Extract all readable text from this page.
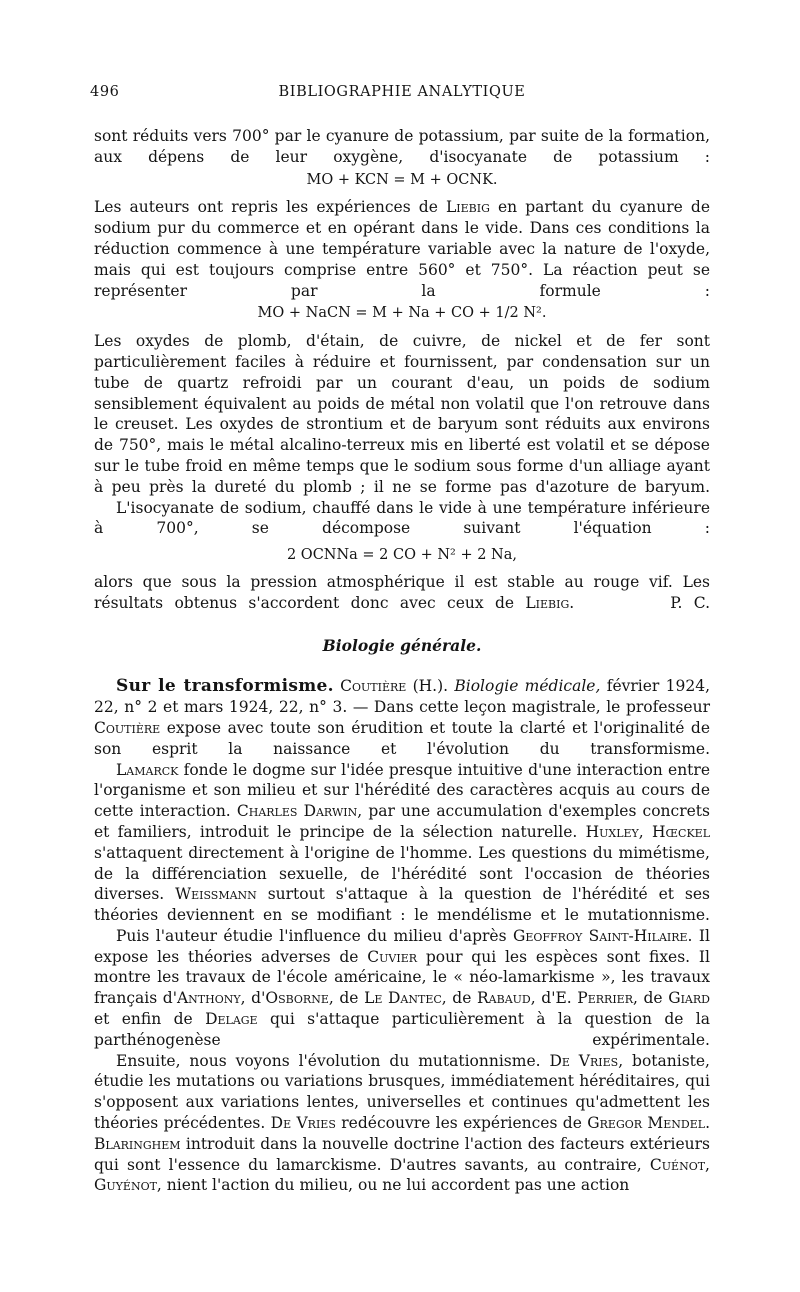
496	BIBLIOGRAPHIE ANALYTIQUE

sont réduits vers 700° par le cyanure de potassium, par suite de la formation, aux dépens de leur oxygène, d'isocyanate de potassium :

MO + KCN = M + OCNK.

Les auteurs ont repris les expériences de Liebig en partant du cyanure de sodium pur du commerce et en opérant dans le vide. Dans ces conditions la réduction commence à une température variable avec la nature de l'oxyde, mais qui est toujours comprise entre 560° et 750°. La réaction peut se représenter par la formule :

MO + NaCN = M + Na + CO + 1/2 N².

Les oxydes de plomb, d'étain, de cuivre, de nickel et de fer sont particulièrement faciles à réduire et fournissent, par condensation sur un tube de quartz refroidi par un courant d'eau, un poids de sodium sensiblement équivalent au poids de métal non volatil que l'on retrouve dans le creuset. Les oxydes de strontium et de baryum sont réduits aux environs de 750°, mais le métal alcalino-terreux mis en liberté est volatil et se dépose sur le tube froid en même temps que le sodium sous forme d'un alliage ayant à peu près la dureté du plomb ; il ne se forme pas d'azoture de baryum.

L'isocyanate de sodium, chauffé dans le vide à une température inférieure à 700°, se décompose suivant l'équation :

2 OCNNa = 2 CO + N² + 2 Na,

alors que sous la pression atmosphérique il est stable au rouge vif. Les résultats obtenus s'accordent donc avec ceux de Liebig.	P. C.

Biologie générale.

Sur le transformisme. Coutière (H.). Biologie médicale, février 1924, 22, n° 2 et mars 1924, 22, n° 3. — Dans cette leçon magistrale, le professeur Coutière expose avec toute son érudition et toute la clarté et l'originalité de son esprit la naissance et l'évolution du transformisme.

Lamarck fonde le dogme sur l'idée presque intuitive d'une interaction entre l'organisme et son milieu et sur l'hérédité des caractères acquis au cours de cette interaction. Charles Darwin, par une accumulation d'exemples concrets et familiers, introduit le principe de la sélection naturelle. Huxley, Hœckel s'attaquent directement à l'origine de l'homme. Les questions du mimétisme, de la différenciation sexuelle, de l'hérédité sont l'occasion de théories diverses. Weissmann surtout s'attaque à la question de l'hérédité et ses théories deviennent en se modifiant : le mendélisme et le mutationnisme.

Puis l'auteur étudie l'influence du milieu d'après Geoffroy Saint-Hilaire. Il expose les théories adverses de Cuvier pour qui les espèces sont fixes. Il montre les travaux de l'école américaine, le « néo-lamarkisme », les travaux français d'Anthony, d'Osborne, de Le Dantec, de Rabaud, d'E. Perrier, de Giard et enfin de Delage qui s'attaque particulièrement à la question de la parthénogenèse expérimentale.

Ensuite, nous voyons l'évolution du mutationnisme. De Vries, botaniste, étudie les mutations ou variations brusques, immédiatement héréditaires, qui s'opposent aux variations lentes, universelles et continues qu'admettent les théories précédentes. De Vries redécouvre les expériences de Gregor Mendel. Blaringhem introduit dans la nouvelle doctrine l'action des facteurs extérieurs qui sont l'essence du lamarckisme. D'autres savants, au contraire, Cuénot, Guyénot, nient l'action du milieu, ou ne lui accordent pas une action
